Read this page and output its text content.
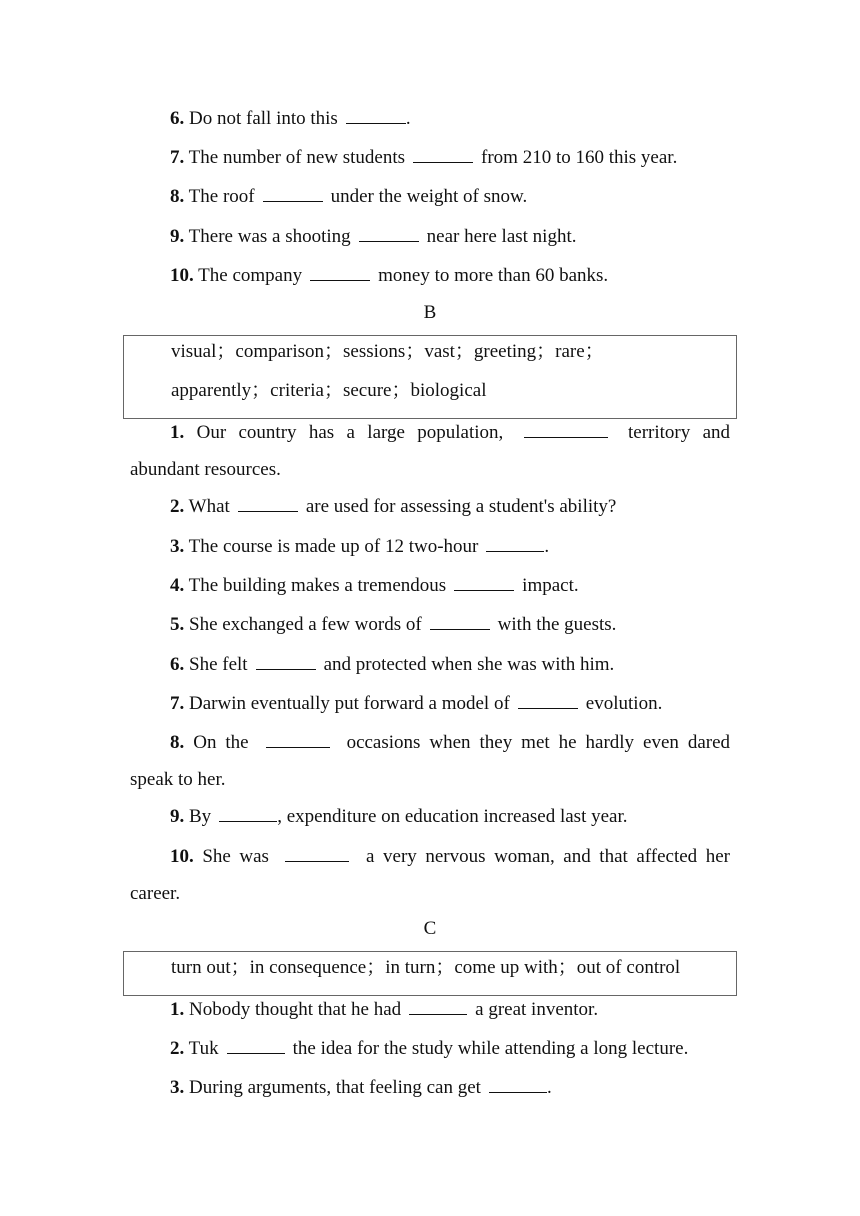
6. Do not fall into this	.
7. The number of new students	from 210 to 160 this year.
8. The roof	under the weight of snow.
9. There was a shooting	near here last night.
10. The company	money to more than 60 banks.
B
visual；comparison；sessions；vast；greeting；rare；
apparently；criteria；secure；biological
1. Our country has a large population,	territory and
abundant resources.
2. What	are used for assessing a student's ability?
3. The course is made up of 12 two-hour	.
4. The building makes a tremendous	impact.
5. She exchanged a few words of	with the guests.
6. She felt	and protected when she was with him.
7. Darwin eventually put forward a model of	evolution.
8. On the	occasions when they met he hardly even dared
speak to her.
9. By	, expenditure on education increased last year.
10. She was	a very nervous woman, and that affected her
career.
C
turn out；in consequence；in turn；come up with；out of control
1. Nobody thought that he had	a great inventor.
2. Tuk	the idea for the study while attending a long lecture.
3. During arguments, that feeling can get	.
